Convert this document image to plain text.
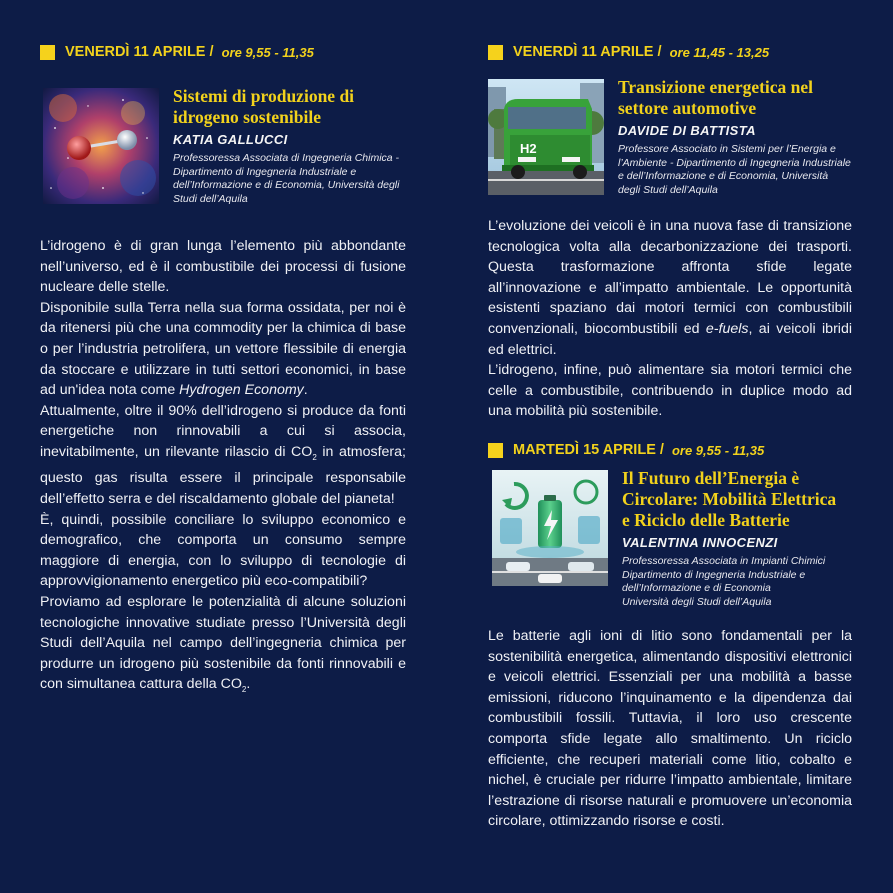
VENERDÌ 11 APRILE / ore 9,55 - 11,35
Sistemi di produzione di
idrogeno sostenibile
KATIA GALLUCCI
Professoressa Associata di Ingegneria Chimica - Dipartimento di Ingegneria Industriale e dell’Informazione e di Economia, Università degli Studi dell’Aquila

L’idrogeno è di gran lunga l’elemento più abbondante nell’universo, ed è il combustibile dei processi di fusione nucleare delle stelle.

Disponibile sulla Terra nella sua forma ossidata, per noi è da ritenersi più che una commodity per la chimica di base o per l’industria petrolifera, un vettore flessibile di energia da stoccare e utilizzare in tutti settori economici, in base ad un'idea nota come Hydrogen Economy.

Attualmente, oltre il 90% dell’idrogeno si produce da fonti energetiche non rinnovabili a cui si associa, inevitabilmente, un rilevante rilascio di $CO_2$ in atmosfera; questo gas risulta essere il principale responsabile dell’effetto serra e del riscaldamento globale del pianeta!

È, quindi, possibile conciliare lo sviluppo economico e demografico, che comporta un consumo sempre maggiore di energia, con lo sviluppo di tecnologie di approvvigionamento energetico più eco-compatibili?

Proviamo ad esplorare le potenzialità di alcune soluzioni tecnologiche innovative studiate presso l’Università degli Studi dell’Aquila nel campo dell’ingegneria chimica per produrre un idrogeno più sostenibile da fonti rinnovabili e con simultanea cattura della $CO_2$.

VENERDÌ 11 APRILE / ore 11,45 - 13,25
H2
Transizione energetica nel
settore automotive
DAVIDE DI BATTISTA
Professore Associato in Sistemi per l’Energia e l’Ambiente - Dipartimento di Ingegneria Industriale e dell’Informazione e di Economia, Università degli Studi dell’Aquila

L’evoluzione dei veicoli è in una nuova fase di transizione tecnologica volta alla decarbonizzazione dei trasporti. Questa trasformazione affronta sfide legate all’innovazione e all’impatto ambientale. Le opportunità esistenti spaziano dai motori termici con combustibili convenzionali, biocombustibili ed e-fuels, ai veicoli ibridi ed elettrici.

L’idrogeno, infine, può alimentare sia motori termici che celle a combustibile, contribuendo in duplice modo ad una mobilità più sostenibile.

MARTEDÌ 15 APRILE / ore 9,55 - 11,35
Il Futuro dell’Energia è
Circolare: Mobilità Elettrica
e Riciclo delle Batterie
VALENTINA INNOCENZI
Professoressa Associata in Impianti Chimici
Dipartimento di Ingegneria Industriale e
dell’Informazione e di Economia
Università degli Studi dell’Aquila

Le batterie agli ioni di litio sono fondamentali per la sostenibilità energetica, alimentando dispositivi elettronici e veicoli elettrici. Essenziali per una mobilità a basse emissioni, riducono l’inquinamento e la dipendenza dai combustibili fossili. Tuttavia, il loro uso crescente comporta sfide legate allo smaltimento. Un riciclo efficiente, che recuperi materiali come litio, cobalto e nichel, è cruciale per ridurre l’impatto ambientale, limitare l’estrazione di risorse naturali e promuovere un’economia circolare, ottimizzando risorse e costi.
